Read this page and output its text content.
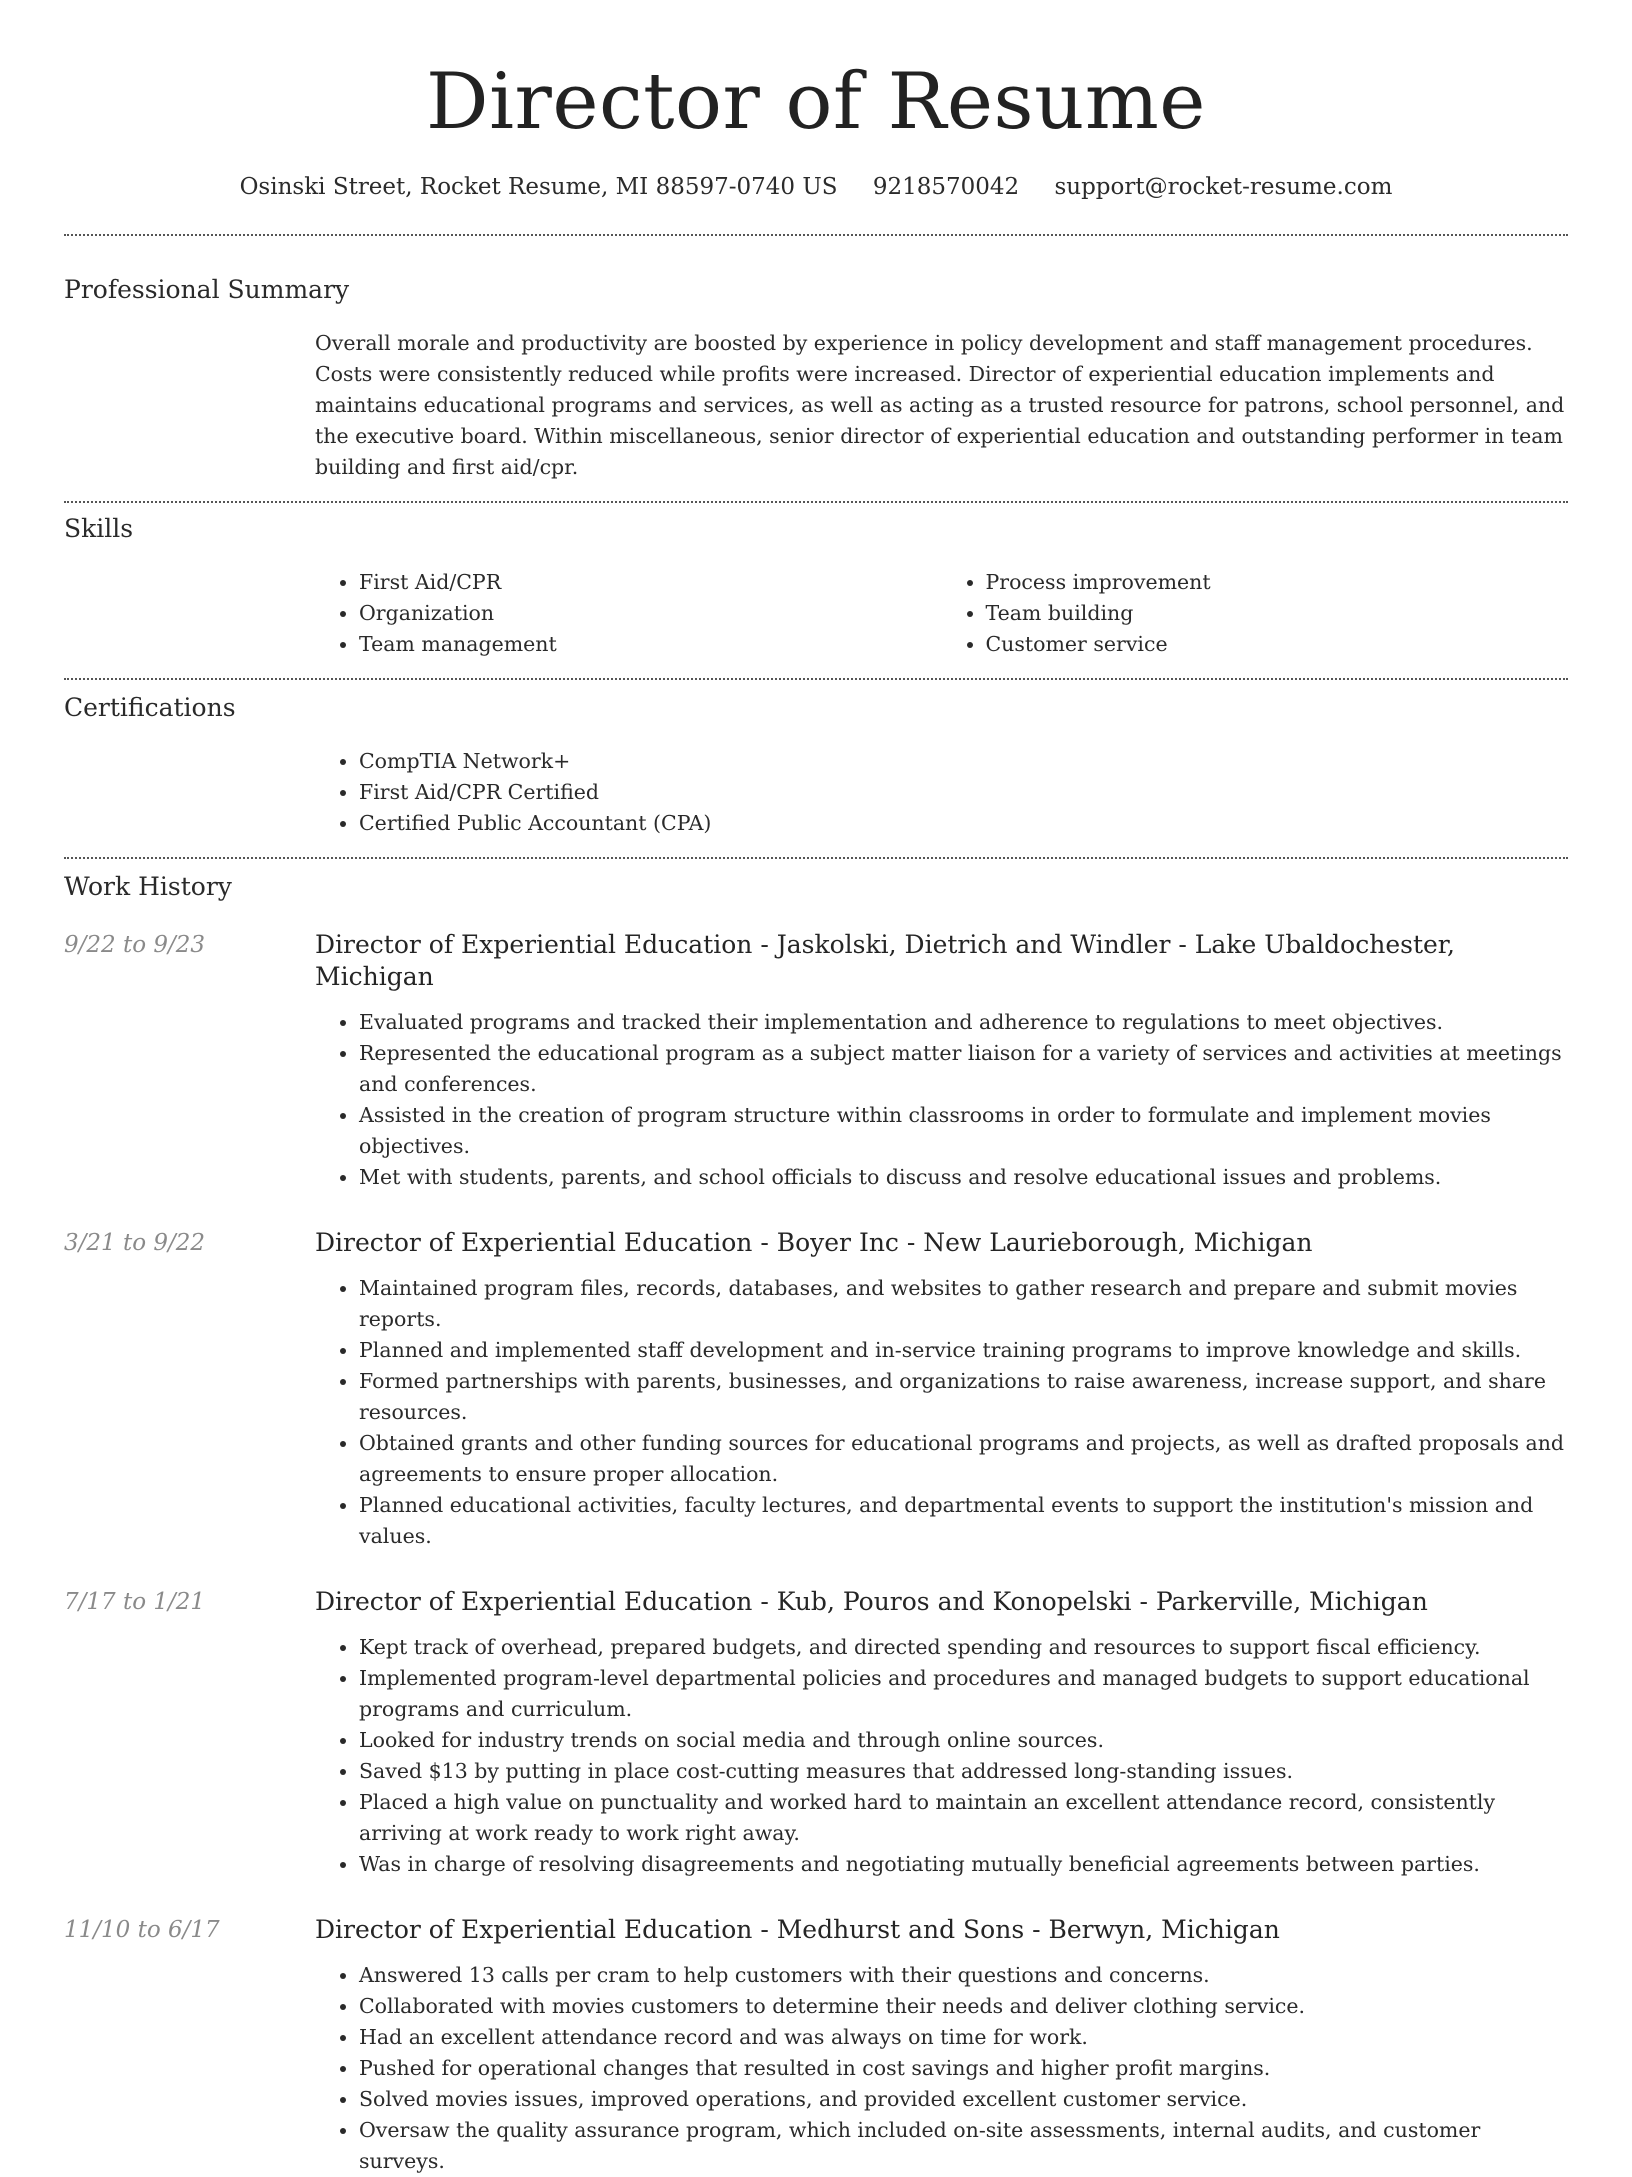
Director of Resume
Osinski Street, Rocket Resume, MI 88597-0740 US 9218570042 support@rocket-resume.com
Professional Summary

Overall morale and productivity are boosted by experience in policy development and staff management procedures. Costs were consistently reduced while profits were increased. Director of experiential education implements and maintains educational programs and services, as well as acting as a trusted resource for patrons, school personnel, and the executive board. Within miscellaneous, senior director of experiential education and outstanding performer in team building and first aid/cpr.

Skills
• First Aid/CPR
• Organization
• Team management
• Process improvement
• Team building
• Customer service
Certifications
• CompTIA Network+
• First Aid/CPR Certified
• Certified Public Accountant (CPA)
Work History
9/22 to 9/23	Director of Experiential Education - Jaskolski, Dietrich and Windler - Lake Ubaldochester, Michigan
• Evaluated programs and tracked their implementation and adherence to regulations to meet objectives.
• Represented the educational program as a subject matter liaison for a variety of services and activities at meetings and conferences.
• Assisted in the creation of program structure within classrooms in order to formulate and implement movies objectives.
• Met with students, parents, and school officials to discuss and resolve educational issues and problems.
3/21 to 9/22	Director of Experiential Education - Boyer Inc - New Laurieborough, Michigan
• Maintained program files, records, databases, and websites to gather research and prepare and submit movies reports.
• Planned and implemented staff development and in-service training programs to improve knowledge and skills.
• Formed partnerships with parents, businesses, and organizations to raise awareness, increase support, and share resources.
• Obtained grants and other funding sources for educational programs and projects, as well as drafted proposals and agreements to ensure proper allocation.
• Planned educational activities, faculty lectures, and departmental events to support the institution's mission and values.
7/17 to 1/21	Director of Experiential Education - Kub, Pouros and Konopelski - Parkerville, Michigan
• Kept track of overhead, prepared budgets, and directed spending and resources to support fiscal efficiency.
• Implemented program-level departmental policies and procedures and managed budgets to support educational programs and curriculum.
• Looked for industry trends on social media and through online sources.
• Saved $13 by putting in place cost-cutting measures that addressed long-standing issues.
• Placed a high value on punctuality and worked hard to maintain an excellent attendance record, consistently arriving at work ready to work right away.
• Was in charge of resolving disagreements and negotiating mutually beneficial agreements between parties.
11/10 to 6/17	Director of Experiential Education - Medhurst and Sons - Berwyn, Michigan
• Answered 13 calls per cram to help customers with their questions and concerns.
• Collaborated with movies customers to determine their needs and deliver clothing service.
• Had an excellent attendance record and was always on time for work.
• Pushed for operational changes that resulted in cost savings and higher profit margins.
• Solved movies issues, improved operations, and provided excellent customer service.
• Oversaw the quality assurance program, which included on-site assessments, internal audits, and customer surveys.
